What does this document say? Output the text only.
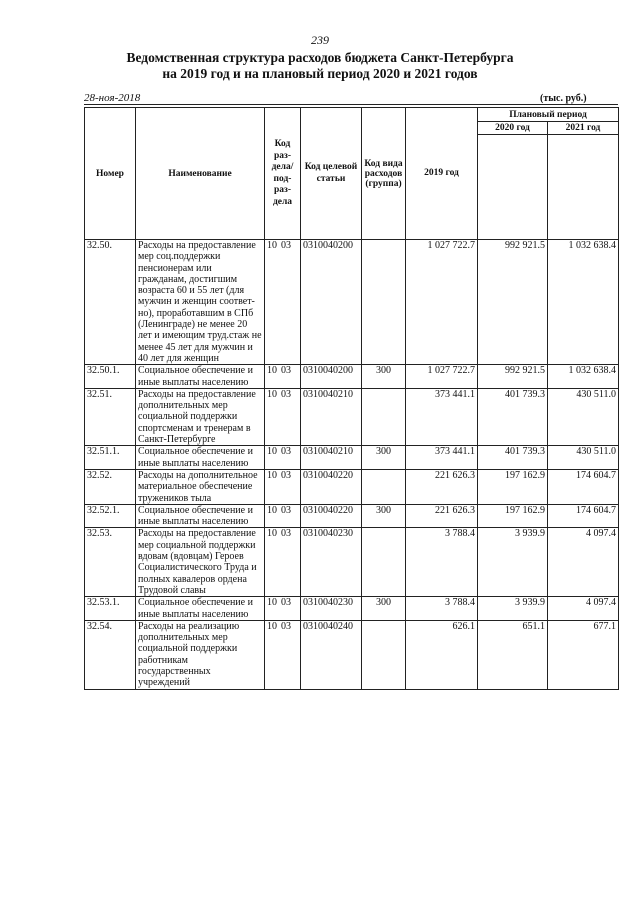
239
Ведомственная структура расходов бюджета Санкт-Петербурга
на 2019 год и на плановый период 2020 и 2021 годов
28-ноя-2018	(тыс. руб.)
Номер	Наименование	Код раз- дела/ под- раз- дела	Код целевой статьи	Код вида расходов (группа)	2019 год	Плановый период	
						2020 год	2021 год

32.50.	Расходы на предоставление мер соц.поддержки пенсионерам или гражданам, достигшим возраста 60 и 55 лет (для мужчин и женщин соответ-но), проработавшим в СПб (Ленинграде) не менее 20 лет и имеющим труд.стаж не менее 45 лет для мужчин и 40 лет для женщин	10 03	0310040200		1 027 722.7	992 921.5	1 032 638.4
32.50.1.	Социальное обеспечение и иные выплаты населению	10 03	0310040200	300	1 027 722.7	992 921.5	1 032 638.4
32.51.	Расходы на предоставление дополнительных мер социальной поддержки спортсменам и тренерам в Санкт-Петербурге	10 03	0310040210		373 441.1	401 739.3	430 511.0
32.51.1.	Социальное обеспечение и иные выплаты населению	10 03	0310040210	300	373 441.1	401 739.3	430 511.0
32.52.	Расходы на дополнительное материальное обеспечение тружеников тыла	10 03	0310040220		221 626.3	197 162.9	174 604.7
32.52.1.	Социальное обеспечение и иные выплаты населению	10 03	0310040220	300	221 626.3	197 162.9	174 604.7
32.53.	Расходы на предоставление мер социальной поддержки вдовам (вдовцам) Героев Социалистического Труда и полных кавалеров ордена Трудовой славы	10 03	0310040230		3 788.4	3 939.9	4 097.4
32.53.1.	Социальное обеспечение и иные выплаты населению	10 03	0310040230	300	3 788.4	3 939.9	4 097.4
32.54.	Расходы на реализацию дополнительных мер социальной поддержки работникам государственных учреждений	10 03	0310040240		626.1	651.1	677.1
